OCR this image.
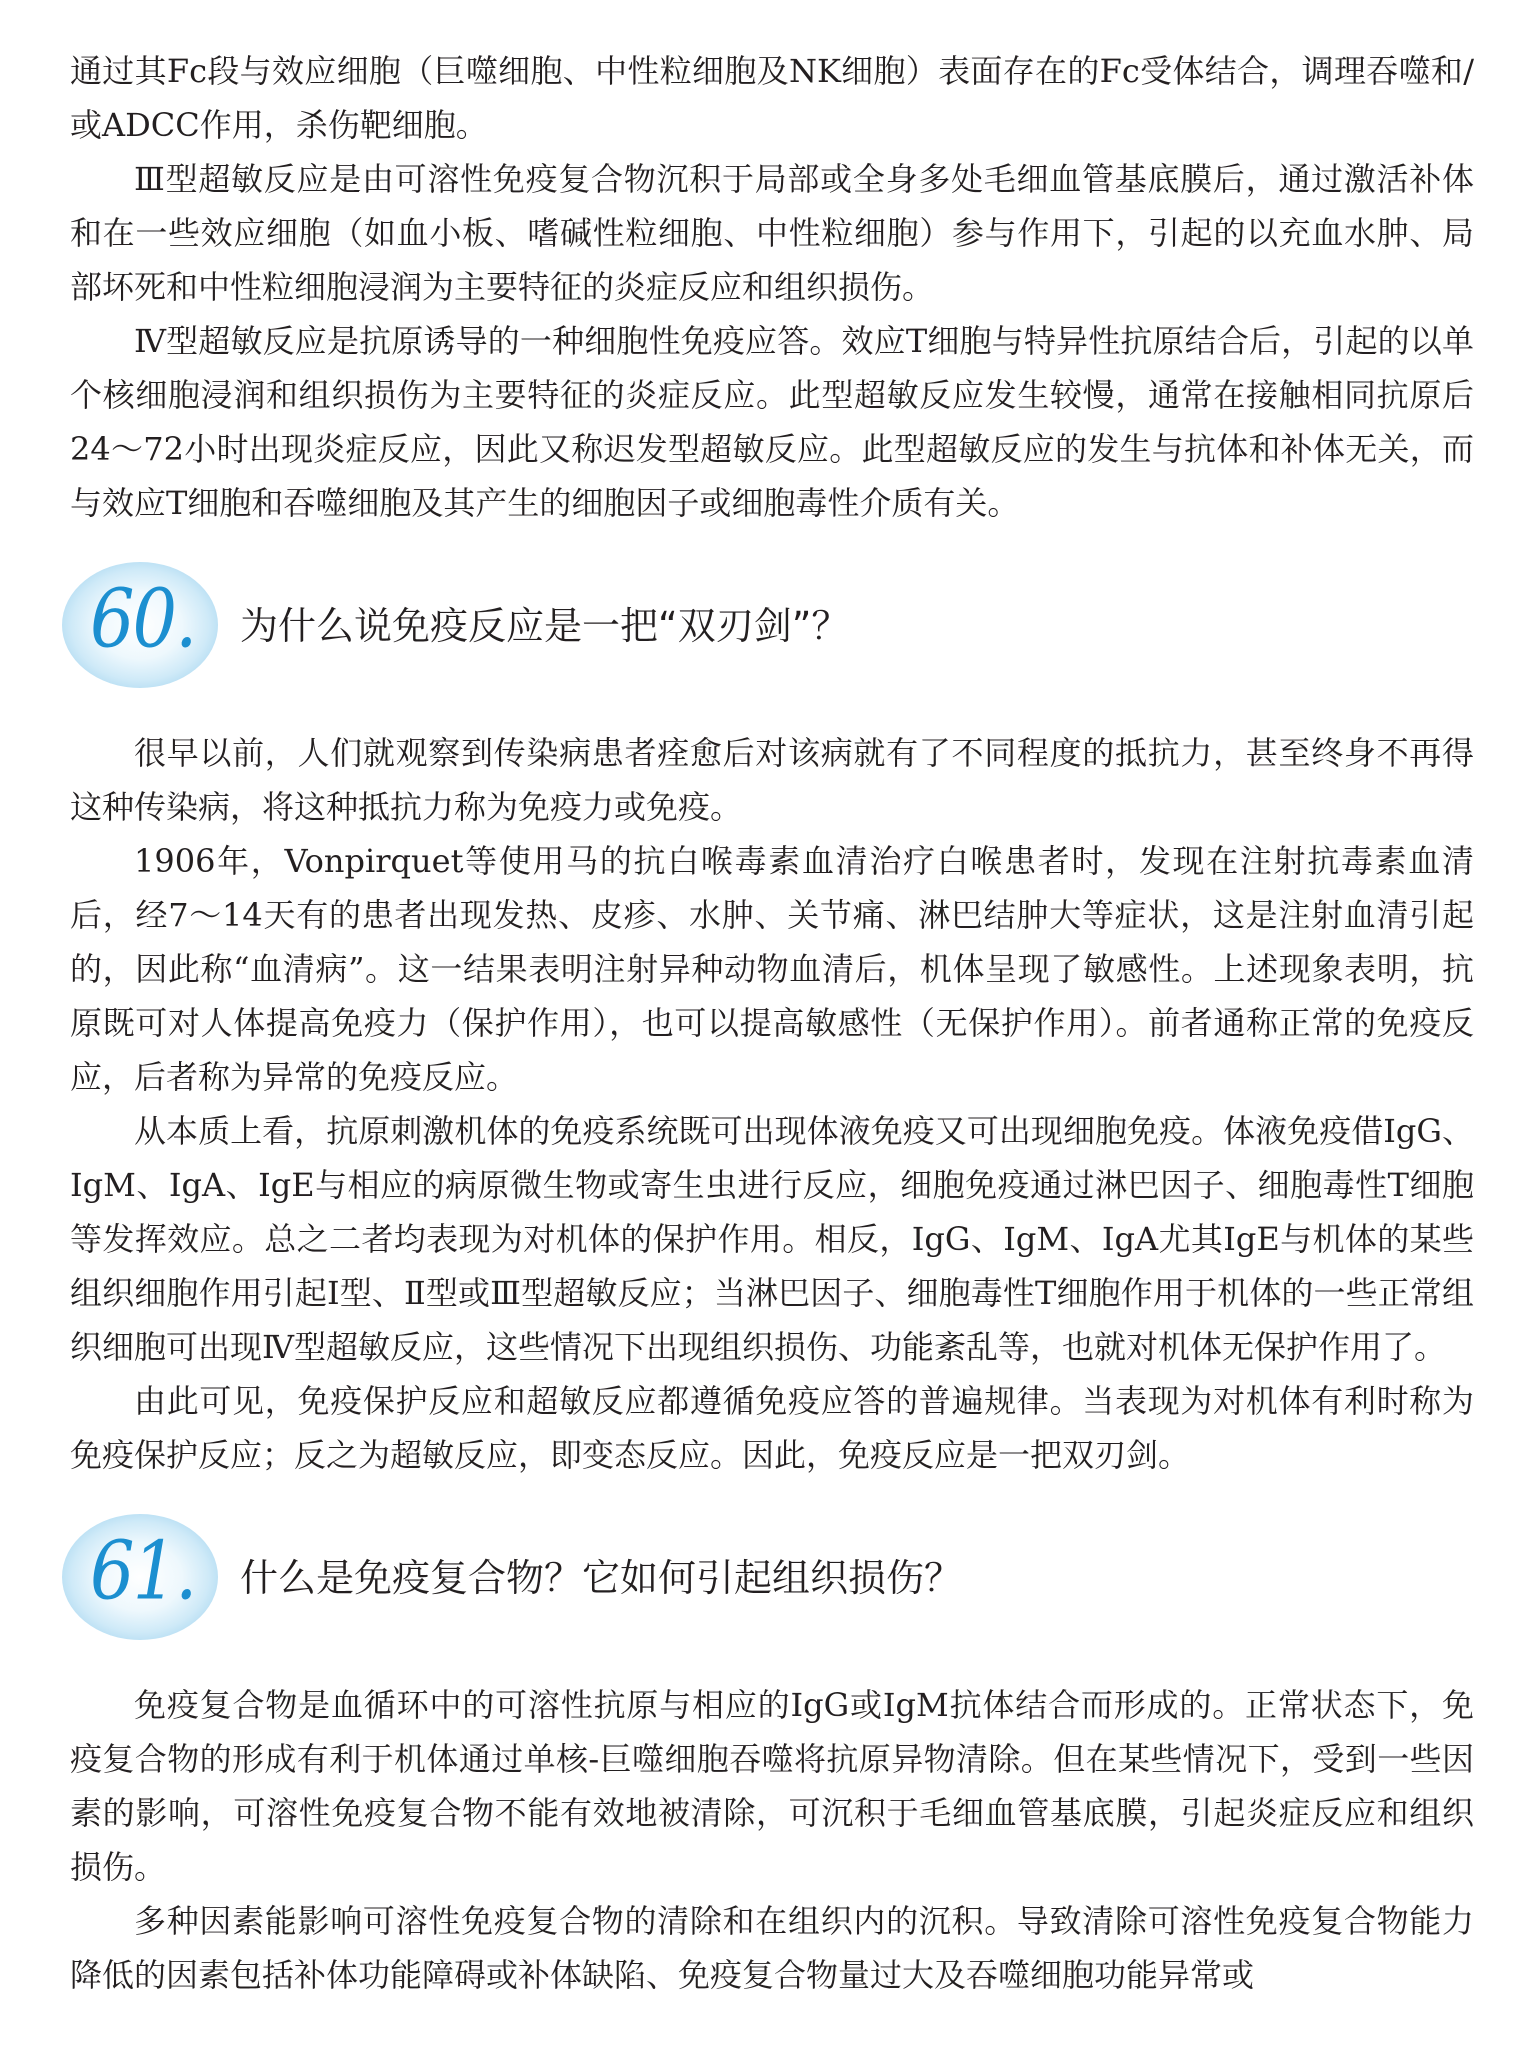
通过其Fc段与效应细胞（巨噬细胞、中性粒细胞及NK细胞）表面存在的Fc受体结合，调理吞噬和/或ADCC作用，杀伤靶细胞。

Ⅲ型超敏反应是由可溶性免疫复合物沉积于局部或全身多处毛细血管基底膜后，通过激活补体和在一些效应细胞（如血小板、嗜碱性粒细胞、中性粒细胞）参与作用下，引起的以充血水肿、局部坏死和中性粒细胞浸润为主要特征的炎症反应和组织损伤。

Ⅳ型超敏反应是抗原诱导的一种细胞性免疫应答。效应T细胞与特异性抗原结合后，引起的以单个核细胞浸润和组织损伤为主要特征的炎症反应。此型超敏反应发生较慢，通常在接触相同抗原后24～72小时出现炎症反应，因此又称迟发型超敏反应。此型超敏反应的发生与抗体和补体无关，而与效应T细胞和吞噬细胞及其产生的细胞因子或细胞毒性介质有关。

60. 为什么说免疫反应是一把“双刃剑”？

很早以前，人们就观察到传染病患者痊愈后对该病就有了不同程度的抵抗力，甚至终身不再得这种传染病，将这种抵抗力称为免疫力或免疫。

1906年，Vonpirquet等使用马的抗白喉毒素血清治疗白喉患者时，发现在注射抗毒素血清后，经7～14天有的患者出现发热、皮疹、水肿、关节痛、淋巴结肿大等症状，这是注射血清引起的，因此称“血清病”。这一结果表明注射异种动物血清后，机体呈现了敏感性。上述现象表明，抗原既可对人体提高免疫力（保护作用），也可以提高敏感性（无保护作用）。前者通称正常的免疫反应，后者称为异常的免疫反应。

从本质上看，抗原刺激机体的免疫系统既可出现体液免疫又可出现细胞免疫。体液免疫借IgG、IgM、IgA、IgE与相应的病原微生物或寄生虫进行反应，细胞免疫通过淋巴因子、细胞毒性T细胞等发挥效应。总之二者均表现为对机体的保护作用。相反，IgG、IgM、IgA尤其IgE与机体的某些组织细胞作用引起Ⅰ型、Ⅱ型或Ⅲ型超敏反应；当淋巴因子、细胞毒性T细胞作用于机体的一些正常组织细胞可出现Ⅳ型超敏反应，这些情况下出现组织损伤、功能紊乱等，也就对机体无保护作用了。

由此可见，免疫保护反应和超敏反应都遵循免疫应答的普遍规律。当表现为对机体有利时称为免疫保护反应；反之为超敏反应，即变态反应。因此，免疫反应是一把双刃剑。

61. 什么是免疫复合物？它如何引起组织损伤？

免疫复合物是血循环中的可溶性抗原与相应的IgG或IgM抗体结合而形成的。正常状态下，免疫复合物的形成有利于机体通过单核-巨噬细胞吞噬将抗原异物清除。但在某些情况下，受到一些因素的影响，可溶性免疫复合物不能有效地被清除，可沉积于毛细血管基底膜，引起炎症反应和组织损伤。

多种因素能影响可溶性免疫复合物的清除和在组织内的沉积。导致清除可溶性免疫复合物能力降低的因素包括补体功能障碍或补体缺陷、免疫复合物量过大及吞噬细胞功能异常或
